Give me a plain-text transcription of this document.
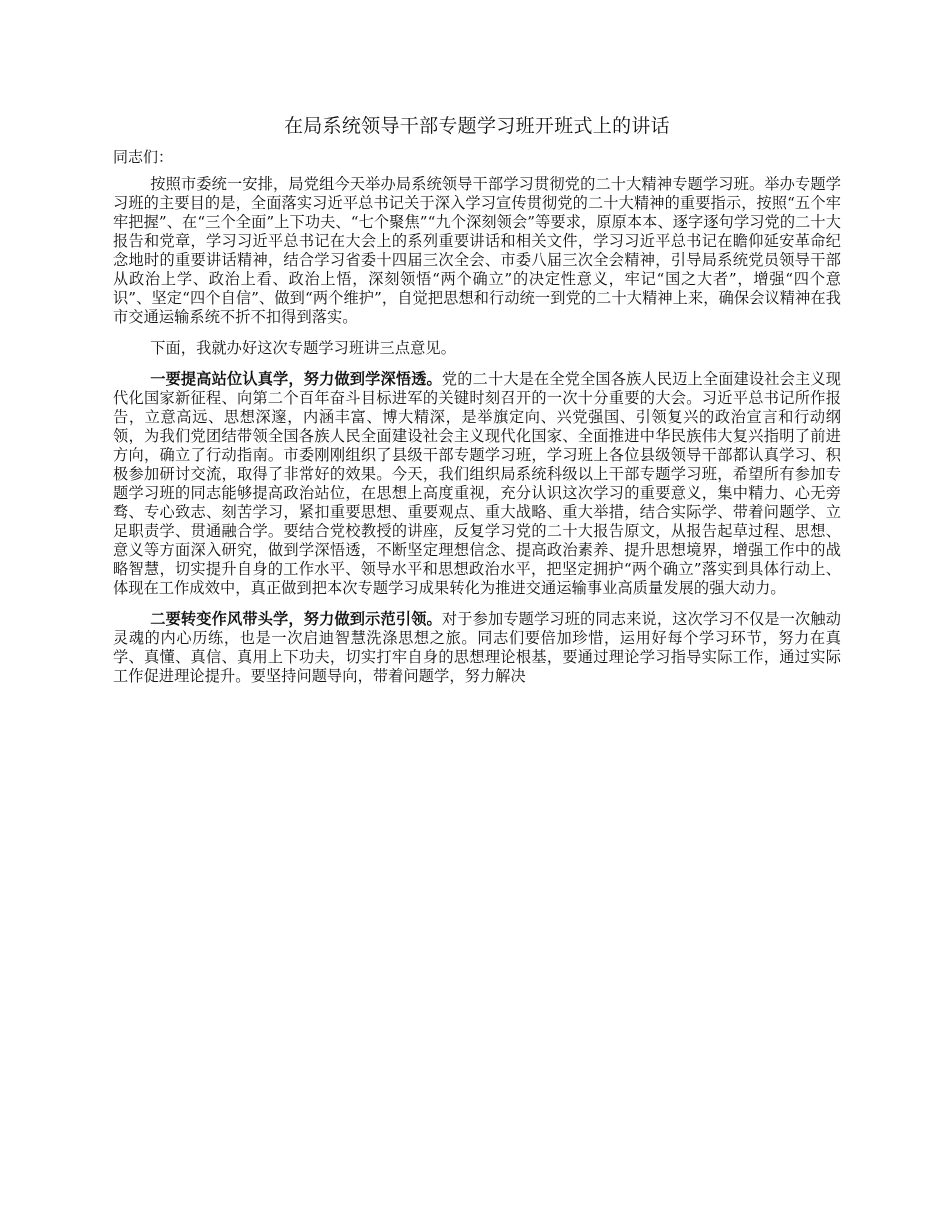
在局系统领导干部专题学习班开班式上的讲话

同志们：

按照市委统一安排，局党组今天举办局系统领导干部学习贯彻党的二十大精神专题学习班。举办专题学习班的主要目的是，全面落实习近平总书记关于深入学习宣传贯彻党的二十大精神的重要指示，按照“五个牢牢把握”、在“三个全面”上下功夫、“七个聚焦”“九个深刻领会”等要求，原原本本、逐字逐句学习党的二十大报告和党章，学习习近平总书记在大会上的系列重要讲话和相关文件，学习习近平总书记在瞻仰延安革命纪念地时的重要讲话精神，结合学习省委十四届三次全会、市委八届三次全会精神，引导局系统党员领导干部从政治上学、政治上看、政治上悟，深刻领悟“两个确立”的决定性意义，牢记“国之大者”，增强“四个意识”、坚定“四个自信”、做到“两个维护”，自觉把思想和行动统一到党的二十大精神上来，确保会议精神在我市交通运输系统不折不扣得到落实。

下面，我就办好这次专题学习班讲三点意见。

一要提高站位认真学，努力做到学深悟透。党的二十大是在全党全国各族人民迈上全面建设社会主义现代化国家新征程、向第二个百年奋斗目标进军的关键时刻召开的一次十分重要的大会。习近平总书记所作报告，立意高远、思想深邃，内涵丰富、博大精深，是举旗定向、兴党强国、引领复兴的政治宣言和行动纲领，为我们党团结带领全国各族人民全面建设社会主义现代化国家、全面推进中华民族伟大复兴指明了前进方向，确立了行动指南。市委刚刚组织了县级干部专题学习班，学习班上各位县级领导干部都认真学习、积极参加研讨交流，取得了非常好的效果。今天，我们组织局系统科级以上干部专题学习班，希望所有参加专题学习班的同志能够提高政治站位，在思想上高度重视，充分认识这次学习的重要意义，集中精力、心无旁骛、专心致志、刻苦学习，紧扣重要思想、重要观点、重大战略、重大举措，结合实际学、带着问题学、立足职责学、贯通融合学。要结合党校教授的讲座，反复学习党的二十大报告原文，从报告起草过程、思想、意义等方面深入研究，做到学深悟透，不断坚定理想信念、提高政治素养、提升思想境界，增强工作中的战略智慧，切实提升自身的工作水平、领导水平和思想政治水平，把坚定拥护“两个确立”落实到具体行动上、体现在工作成效中，真正做到把本次专题学习成果转化为推进交通运输事业高质量发展的强大动力。

二要转变作风带头学，努力做到示范引领。对于参加专题学习班的同志来说，这次学习不仅是一次触动灵魂的内心历练，也是一次启迪智慧洗涤思想之旅。同志们要倍加珍惜，运用好每个学习环节，努力在真学、真懂、真信、真用上下功夫，切实打牢自身的思想理论根基，要通过理论学习指导实际工作，通过实际工作促进理论提升。要坚持问题导向，带着问题学，努力解决
